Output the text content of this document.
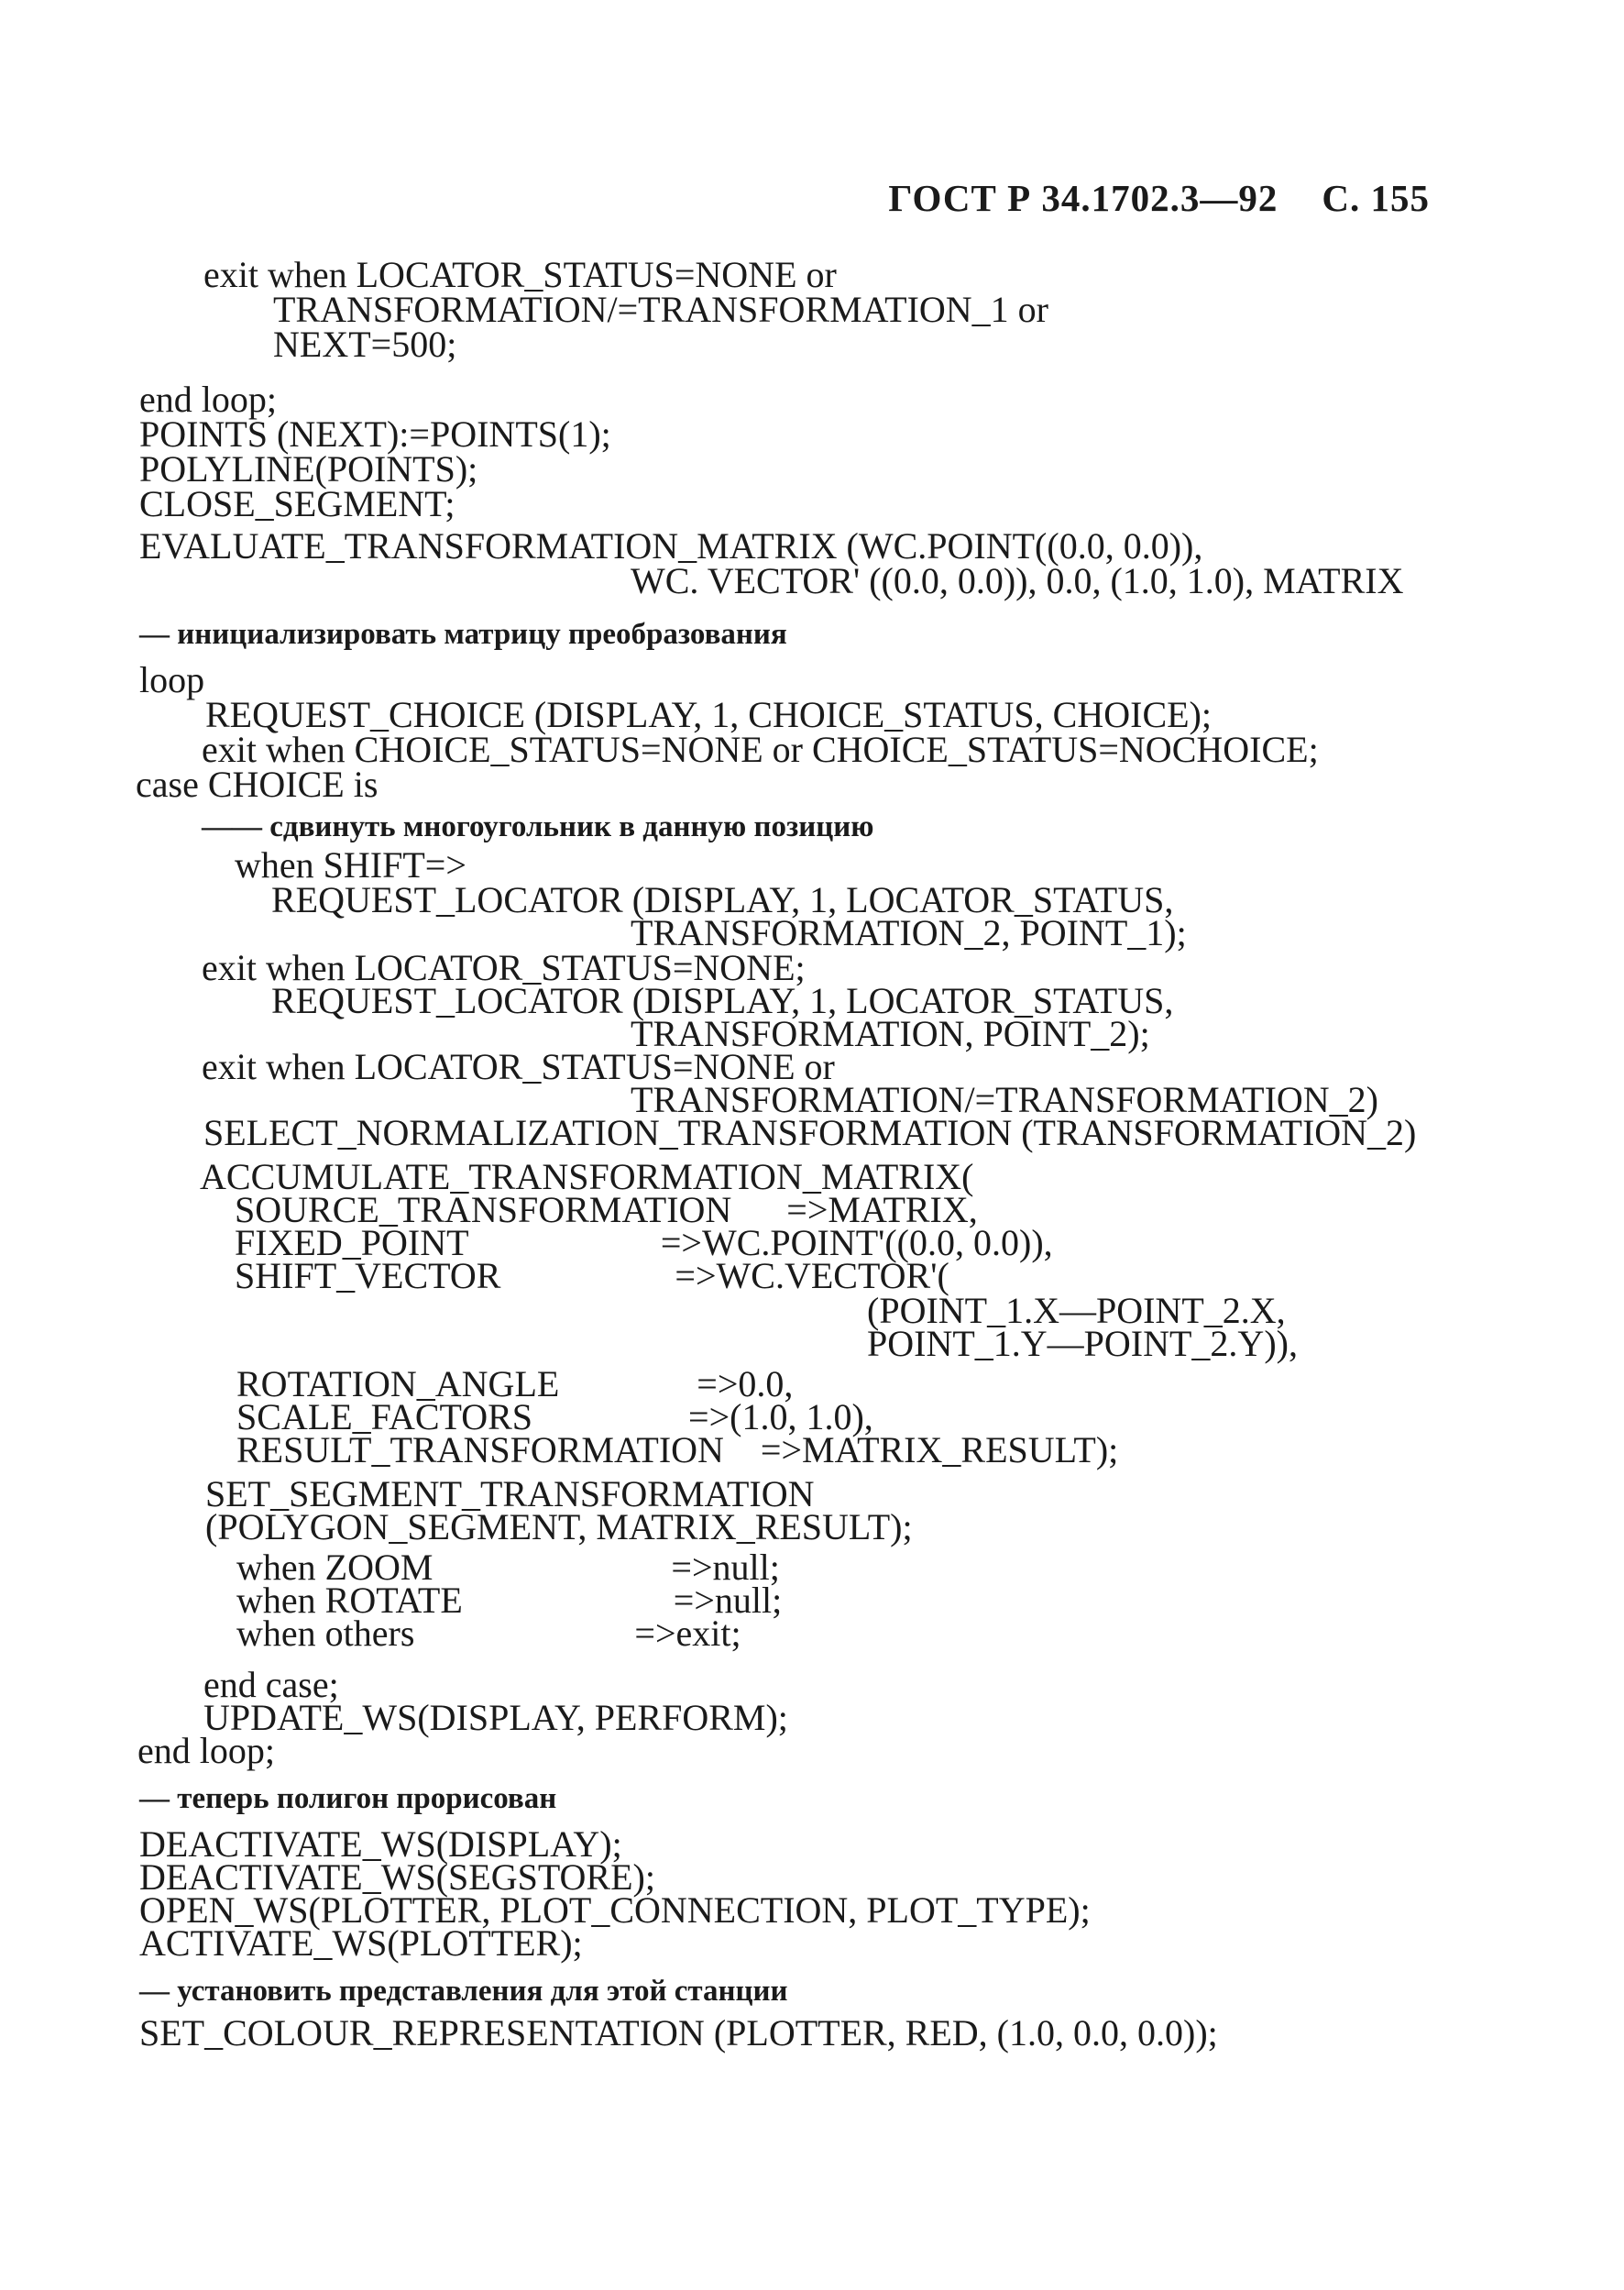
ГОСТ Р 34.1702.3—92 С. 155
exit when LOCATOR_STATUS=NONE or
TRANSFORMATION/=TRANSFORMATION_1 or
NEXT=500;
end loop;
POINTS (NEXT):=POINTS(1);
POLYLINE(POINTS);
CLOSE_SEGMENT;
EVALUATE_TRANSFORMATION_MATRIX (WC.POINT((0.0, 0.0)),
WC. VECTOR' ((0.0, 0.0)), 0.0, (1.0, 1.0), MATRIX
— инициализировать матрицу преобразования
loop
REQUEST_CHOICE (DISPLAY, 1, CHOICE_STATUS, CHOICE);
exit when CHOICE_STATUS=NONE or CHOICE_STATUS=NOCHOICE;
case CHOICE is
—— сдвинуть многоугольник в данную позицию
when SHIFT=>
REQUEST_LOCATOR (DISPLAY, 1, LOCATOR_STATUS,
TRANSFORMATION_2, POINT_1);
exit when LOCATOR_STATUS=NONE;
REQUEST_LOCATOR (DISPLAY, 1, LOCATOR_STATUS,
TRANSFORMATION, POINT_2);
exit when LOCATOR_STATUS=NONE or
TRANSFORMATION/=TRANSFORMATION_2)
SELECT_NORMALIZATION_TRANSFORMATION (TRANSFORMATION_2)
ACCUMULATE_TRANSFORMATION_MATRIX(
SOURCE_TRANSFORMATION      =>MATRIX,
FIXED_POINT                     =>WC.POINT'((0.0, 0.0)),
SHIFT_VECTOR                   =>WC.VECTOR'(
(POINT_1.X—POINT_2.X,
POINT_1.Y—POINT_2.Y)),
ROTATION_ANGLE               =>0.0,
SCALE_FACTORS                 =>(1.0, 1.0),
RESULT_TRANSFORMATION    =>MATRIX_RESULT);
SET_SEGMENT_TRANSFORMATION
(POLYGON_SEGMENT, MATRIX_RESULT);
when ZOOM                          =>null;
when ROTATE                       =>null;
when others                        =>exit;
end case;
UPDATE_WS(DISPLAY, PERFORM);
end loop;
— теперь полигон прорисован
DEACTIVATE_WS(DISPLAY);
DEACTIVATE_WS(SEGSTORE);
OPEN_WS(PLOTTER, PLOT_CONNECTION, PLOT_TYPE);
ACTIVATE_WS(PLOTTER);
— установить представления для этой станции
SET_COLOUR_REPRESENTATION (PLOTTER, RED, (1.0, 0.0, 0.0));
